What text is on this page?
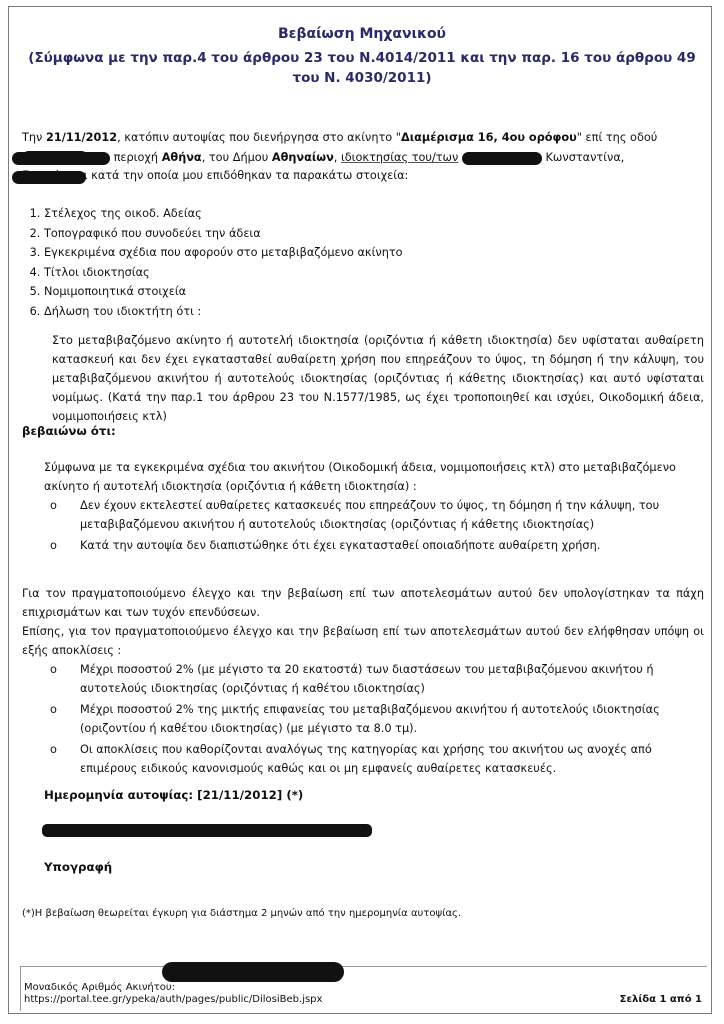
Βεβαίωση Μηχανικού
(Σύμφωνα με την παρ.4 του άρθρου 23 του Ν.4014/2011 και την παρ. 16 του άρθρου 49 του Ν. 4030/2011)
Την 21/11/2012, κατόπιν αυτοψίας που διενήργησα στο ακίνητο "Διαμέρισμα 16, 4ου ορόφου" επί της οδού
περιοχή Αθήνα, του Δήμου Αθηναίων, ιδιοκτησίας του/των	Κωνσταντίνα,
Ευγενία και κατά την οποία μου επιδόθηκαν τα παρακάτω στοιχεία:
1. Στέλεχος της οικοδ. Αδείας
2. Τοπογραφικό που συνοδεύει την άδεια
3. Εγκεκριμένα σχέδια που αφορούν στο μεταβιβαζόμενο ακίνητο
4. Τίτλοι ιδιοκτησίας
5. Νομιμοποιητικά στοιχεία
6. Δήλωση του ιδιοκτήτη ότι :
Στο μεταβιβαζόμενο ακίνητο ή αυτοτελή ιδιοκτησία (οριζόντια ή κάθετη ιδιοκτησία) δεν υφίσταται αυθαίρετη κατασκευή και δεν έχει εγκατασταθεί αυθαίρετη χρήση που επηρεάζουν το ύψος, τη δόμηση ή την κάλυψη, του μεταβιβαζόμενου ακινήτου ή αυτοτελούς ιδιοκτησίας (οριζόντιας ή κάθετης ιδιοκτησίας) και αυτό υφίσταται νομίμως. (Κατά την παρ.1 του άρθρου 23 του Ν.1577/1985, ως έχει τροποποιηθεί και ισχύει, Οικοδομική άδεια, νομιμοποιήσεις κτλ)
βεβαιώνω ότι:
Σύμφωνα με τα εγκεκριμένα σχέδια του ακινήτου (Οικοδομική άδεια, νομιμοποιήσεις κτλ) στο μεταβιβαζόμενο ακίνητο ή αυτοτελή ιδιοκτησία (οριζόντια ή κάθετη ιδιοκτησία) :
o Δεν έχουν εκτελεστεί αυθαίρετες κατασκευές που επηρεάζουν το ύψος, τη δόμηση ή την κάλυψη, του μεταβιβαζόμενου ακινήτου ή αυτοτελούς ιδιοκτησίας (οριζόντιας ή κάθετης ιδιοκτησίας)
o Κατά την αυτοψία δεν διαπιστώθηκε ότι έχει εγκατασταθεί οποιαδήποτε αυθαίρετη χρήση.
Για τον πραγματοποιούμενο έλεγχο και την βεβαίωση επί των αποτελεσμάτων αυτού δεν υπολογίστηκαν τα πάχη επιχρισμάτων και των τυχόν επενδύσεων.
Επίσης, για τον πραγματοποιούμενο έλεγχο και την βεβαίωση επί των αποτελεσμάτων αυτού δεν ελήφθησαν υπόψη οι εξής αποκλίσεις :
o Μέχρι ποσοστού 2% (με μέγιστο τα 20 εκατοστά) των διαστάσεων του μεταβιβαζόμενου ακινήτου ή αυτοτελούς ιδιοκτησίας (οριζόντιας ή καθέτου ιδιοκτησίας)
o Μέχρι ποσοστού 2% της μικτής επιφανείας του μεταβιβαζόμενου ακινήτου ή αυτοτελούς ιδιοκτησίας (οριζοντίου ή καθέτου ιδιοκτησίας) (με μέγιστο τα 8.0 τμ).
o Οι αποκλίσεις που καθορίζονται αναλόγως της κατηγορίας και χρήσης του ακινήτου ως ανοχές από επιμέρους ειδικούς κανονισμούς καθώς και οι μη εμφανείς αυθαίρετες κατασκευές.
Ημερομηνία αυτοψίας: [21/11/2012] (*)
Υπογραφή
(*)Η βεβαίωση θεωρείται έγκυρη για διάστημα 2 μηνών από την ημερομηνία αυτοψίας.
Μοναδικός Αριθμός Ακινήτου:
https://portal.tee.gr/ypeka/auth/pages/public/DilosiBeb.jspx	Σελίδα 1 από 1
